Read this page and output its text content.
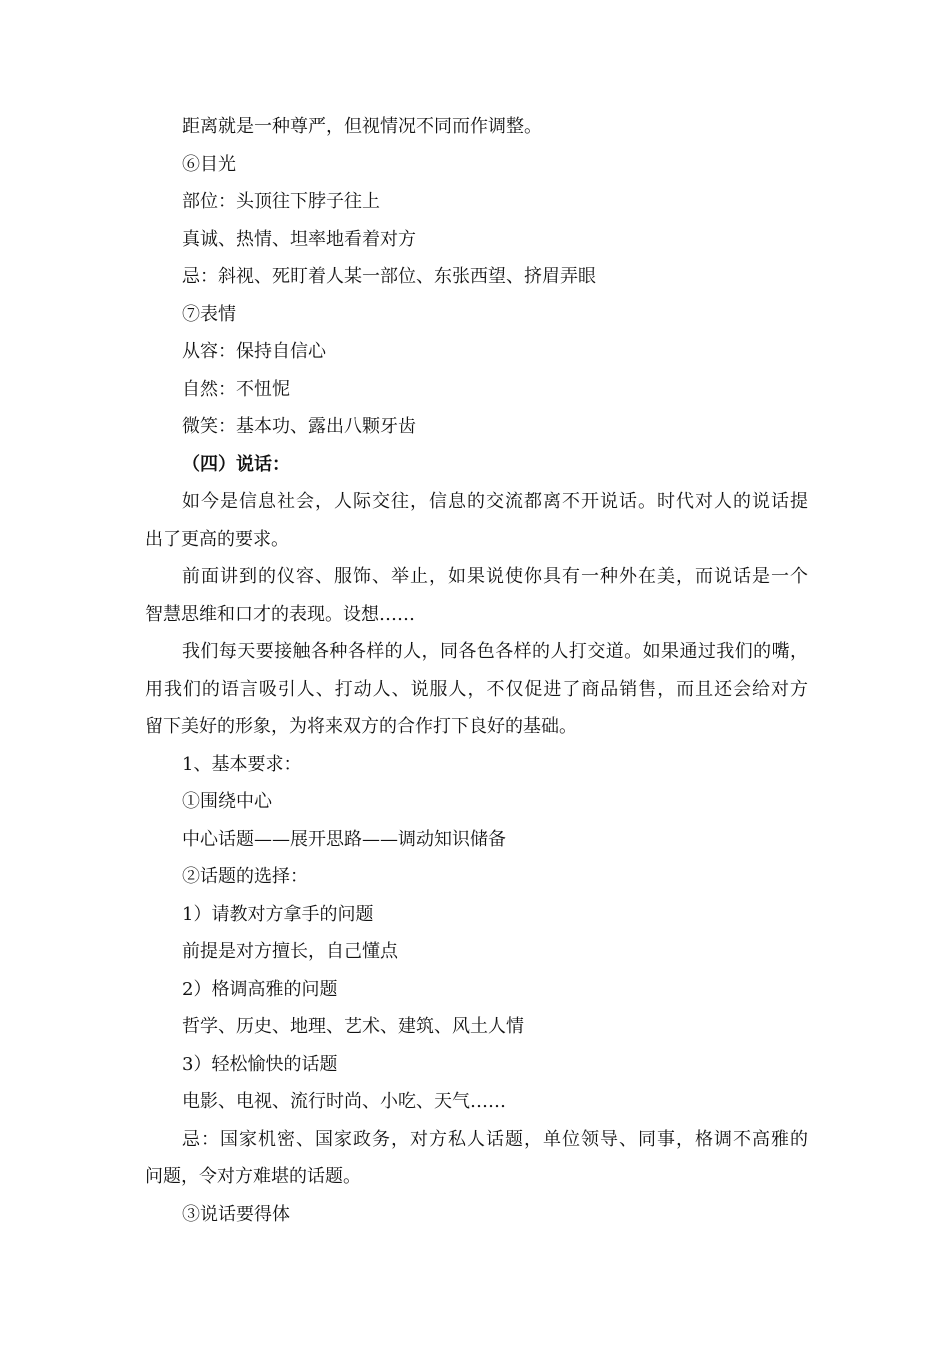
距离就是一种尊严，但视情况不同而作调整。
⑥目光
部位：头顶往下脖子往上
真诚、热情、坦率地看着对方
忌：斜视、死盯着人某一部位、东张西望、挤眉弄眼
⑦表情
从容：保持自信心
自然：不忸怩
微笑：基本功、露出八颗牙齿
（四）说话：
如今是信息社会，人际交往，信息的交流都离不开说话。时代对人的说话提
出了更高的要求。
前面讲到的仪容、服饰、举止，如果说使你具有一种外在美，而说话是一个
智慧思维和口才的表现。设想……
我们每天要接触各种各样的人，同各色各样的人打交道。如果通过我们的嘴，
用我们的语言吸引人、打动人、说服人，不仅促进了商品销售，而且还会给对方
留下美好的形象，为将来双方的合作打下良好的基础。
1、基本要求：
①围绕中心
中心话题——展开思路——调动知识储备
②话题的选择：
1）请教对方拿手的问题
前提是对方擅长，自己懂点
2）格调高雅的问题
哲学、历史、地理、艺术、建筑、风土人情
3）轻松愉快的话题
电影、电视、流行时尚、小吃、天气……
忌：国家机密、国家政务，对方私人话题，单位领导、同事，格调不高雅的
问题，令对方难堪的话题。
③说话要得体
